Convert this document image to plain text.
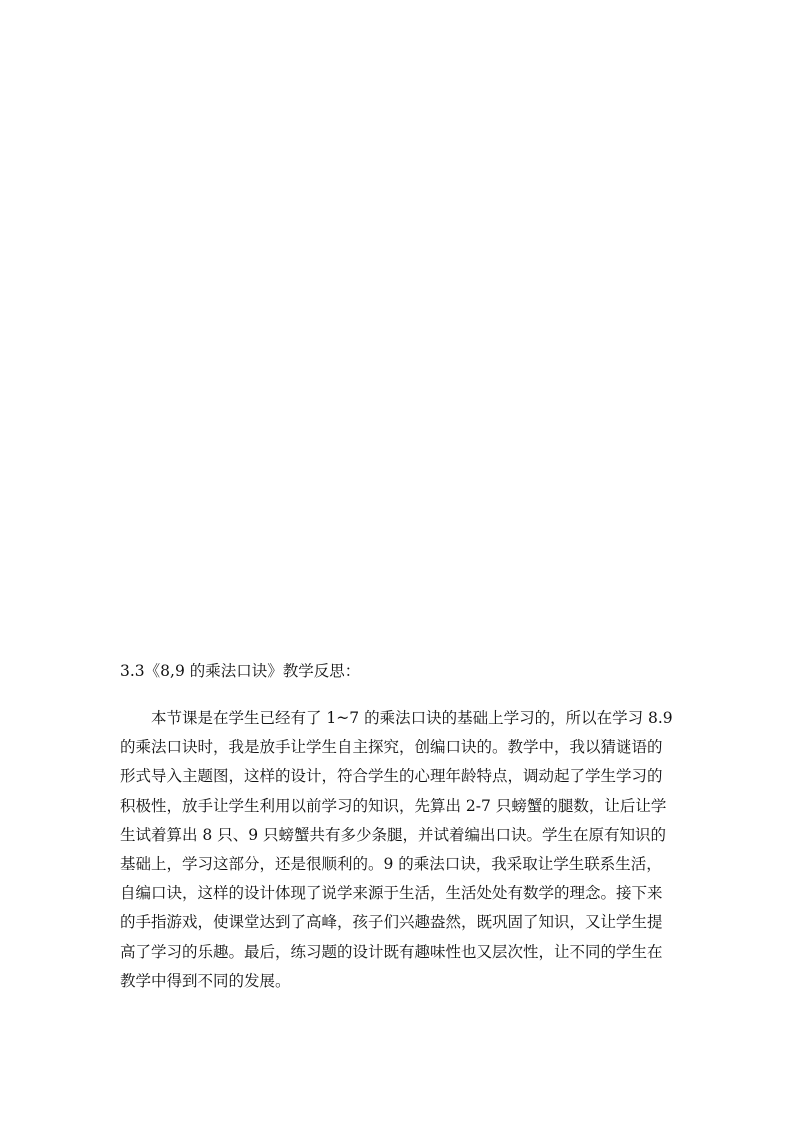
3.3《8,9 的乘法口诀》教学反思：
本节课是在学生已经有了 1~7 的乘法口诀的基础上学习的，所以在学习 8.9
的乘法口诀时，我是放手让学生自主探究，创编口诀的。教学中，我以猜谜语的
形式导入主题图，这样的设计，符合学生的心理年龄特点，调动起了学生学习的
积极性，放手让学生利用以前学习的知识，先算出 2-7 只螃蟹的腿数，让后让学
生试着算出 8 只、9 只螃蟹共有多少条腿，并试着编出口诀。学生在原有知识的
基础上，学习这部分，还是很顺利的。9 的乘法口诀，我采取让学生联系生活，
自编口诀，这样的设计体现了说学来源于生活，生活处处有数学的理念。接下来
的手指游戏，使课堂达到了高峰，孩子们兴趣盎然，既巩固了知识，又让学生提
高了学习的乐趣。最后，练习题的设计既有趣味性也又层次性，让不同的学生在
教学中得到不同的发展。
